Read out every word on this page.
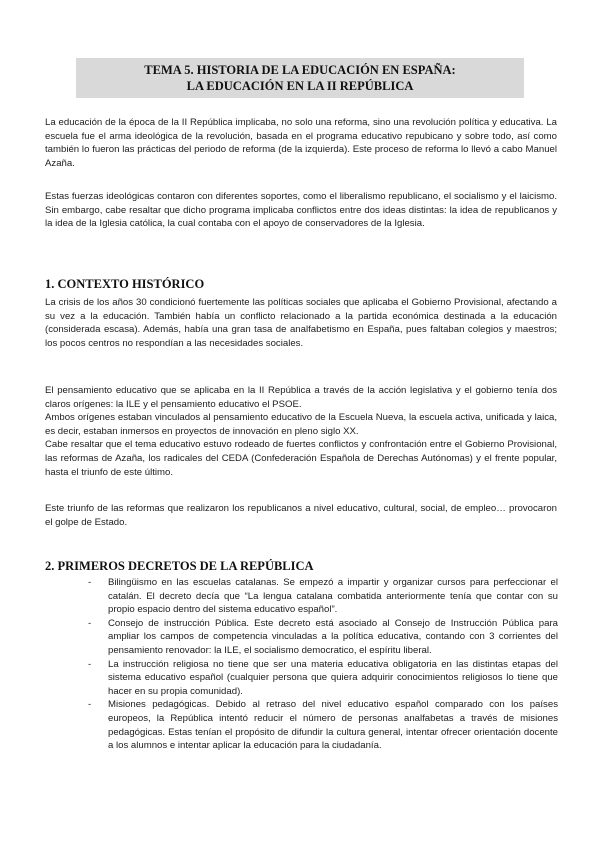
TEMA 5. HISTORIA DE LA EDUCACIÓN EN ESPAÑA:
LA EDUCACIÓN EN LA II REPÚBLICA

La educación de la época de la II República implicaba, no solo una reforma, sino una revolución política y educativa. La escuela fue el arma ideológica de la revolución, basada en el programa educativo repubicano y sobre todo, así como también lo fueron las prácticas del periodo de reforma (de la izquierda). Este proceso de reforma lo llevó a cabo Manuel Azaña.

Estas fuerzas ideológicas contaron con diferentes soportes, como el liberalismo republicano, el socialismo y el laicismo. Sin embargo, cabe resaltar que dicho programa implicaba conflictos entre dos ideas distintas: la idea de republicanos y la idea de la Iglesia católica, la cual contaba con el apoyo de conservadores de la Iglesia.

1. CONTEXTO HISTÓRICO

La crisis de los años 30 condicionó fuertemente las políticas sociales que aplicaba el Gobierno Provisional, afectando a su vez a la educación. También había un conflicto relacionado a la partida económica destinada a la educación (considerada escasa). Además, había una gran tasa de analfabetismo en España, pues faltaban colegios y maestros; los pocos centros no respondían a las necesidades sociales.

El pensamiento educativo que se aplicaba en la II República a través de la acción legislativa y el gobierno tenía dos claros orígenes: la ILE y el pensamiento educativo el PSOE.

Ambos orígenes estaban vinculados al pensamiento educativo de la Escuela Nueva, la escuela activa, unificada y laica, es decir, estaban inmersos en proyectos de innovación en pleno siglo XX.

Cabe resaltar que el tema educativo estuvo rodeado de fuertes conflictos y confrontación entre el Gobierno Provisional, las reformas de Azaña, los radicales del CEDA (Confederación Española de Derechas Autónomas) y el frente popular, hasta el triunfo de este último.

Este triunfo de las reformas que realizaron los republicanos a nivel educativo, cultural, social, de empleo… provocaron el golpe de Estado.

2. PRIMEROS DECRETOS DE LA REPÚBLICA
- Bilingüismo en las escuelas catalanas. Se empezó a impartir y organizar cursos para perfeccionar el catalán. El decreto decía que “La lengua catalana combatida anteriormente tenía que contar con su propio espacio dentro del sistema educativo español”.
- Consejo de instrucción Pública. Este decreto está asociado al Consejo de Instrucción Pública para ampliar los campos de competencia vinculadas a la política educativa, contando con 3 corrientes del pensamiento renovador: la ILE, el socialismo democratico, el espíritu liberal.
- La instrucción religiosa no tiene que ser una materia educativa obligatoria en las distintas etapas del sistema educativo español (cualquier persona que quiera adquirir conocimientos religiosos lo tiene que hacer en su propia comunidad).
- Misiones pedagógicas. Debido al retraso del nivel educativo español comparado con los países europeos, la República intentó reducir el número de personas analfabetas a través de misiones pedagógicas. Estas tenían el propósito de difundir la cultura general, intentar ofrecer orientación docente a los alumnos e intentar aplicar la educación para la ciudadanía.
